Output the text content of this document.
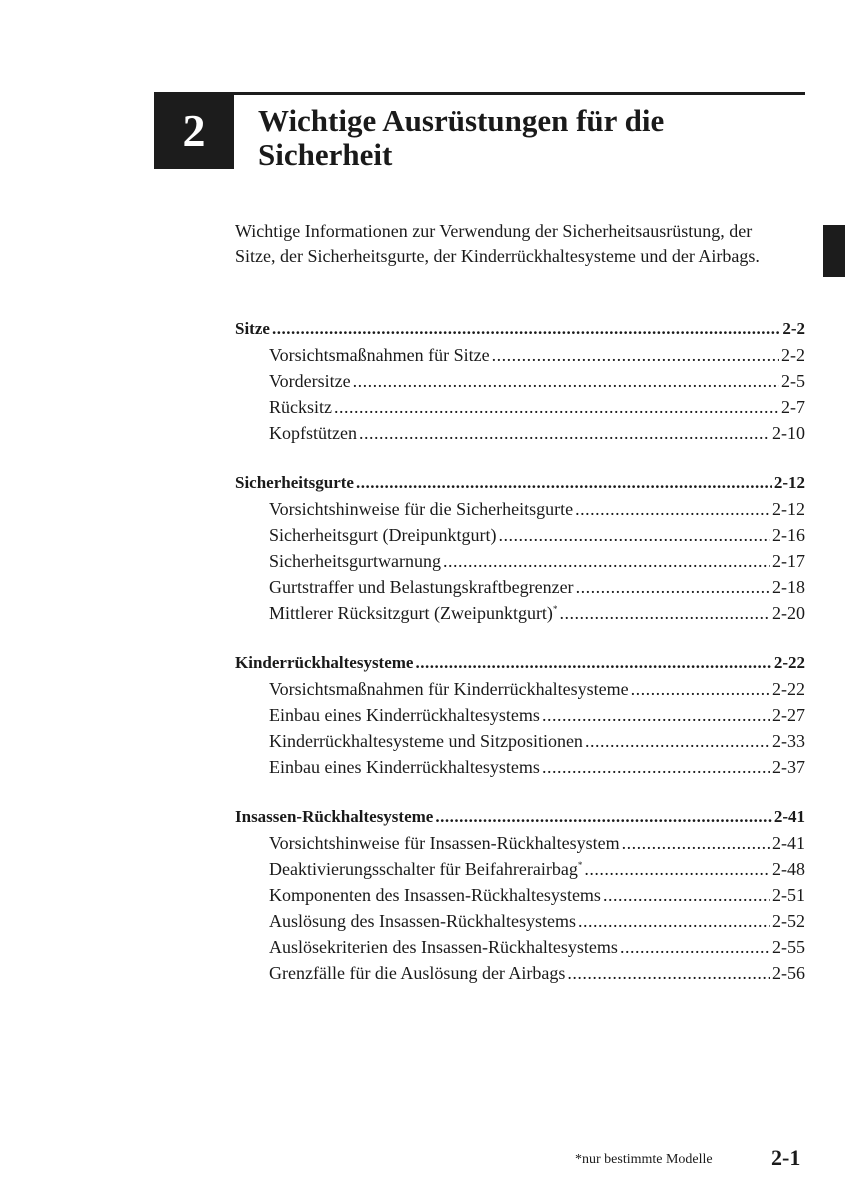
2 Wichtige Ausrüstungen für die Sicherheit
Wichtige Informationen zur Verwendung der Sicherheitsausrüstung, der Sitze, der Sicherheitsgurte, der Kinderrückhaltesysteme und der Airbags.
Sitze .....	2-2
Vorsichtsmaßnahmen für Sitze .....	2-2
Vordersitze .....	2-5
Rücksitz .....	2-7
Kopfstützen .....	2-10
Sicherheitsgurte .....	2-12
Vorsichtshinweise für die Sicherheitsgurte .....	2-12
Sicherheitsgurt (Dreipunktgurt) .....	2-16
Sicherheitsgurtwarnung .....	2-17
Gurtstraffer und Belastungskraftbegrenzer .....	2-18
Mittlerer Rücksitzgurt (Zweipunktgurt)* .....	2-20
Kinderrückhaltesysteme .....	2-22
Vorsichtsmaßnahmen für Kinderrückhaltesysteme .....	2-22
Einbau eines Kinderrückhaltesystems .....	2-27
Kinderrückhaltesysteme und Sitzpositionen .....	2-33
Einbau eines Kinderrückhaltesystems .....	2-37
Insassen-Rückhaltesysteme .....	2-41
Vorsichtshinweise für Insassen-Rückhaltesystem .....	2-41
Deaktivierungsschalter für Beifahrerairbag* .....	2-48
Komponenten des Insassen-Rückhaltesystems .....	2-51
Auslösung des Insassen-Rückhaltesystems .....	2-52
Auslösekriterien des Insassen-Rückhaltesystems .....	2-55
Grenzfälle für die Auslösung der Airbags .....	2-56
*nur bestimmte Modelle	2-1
